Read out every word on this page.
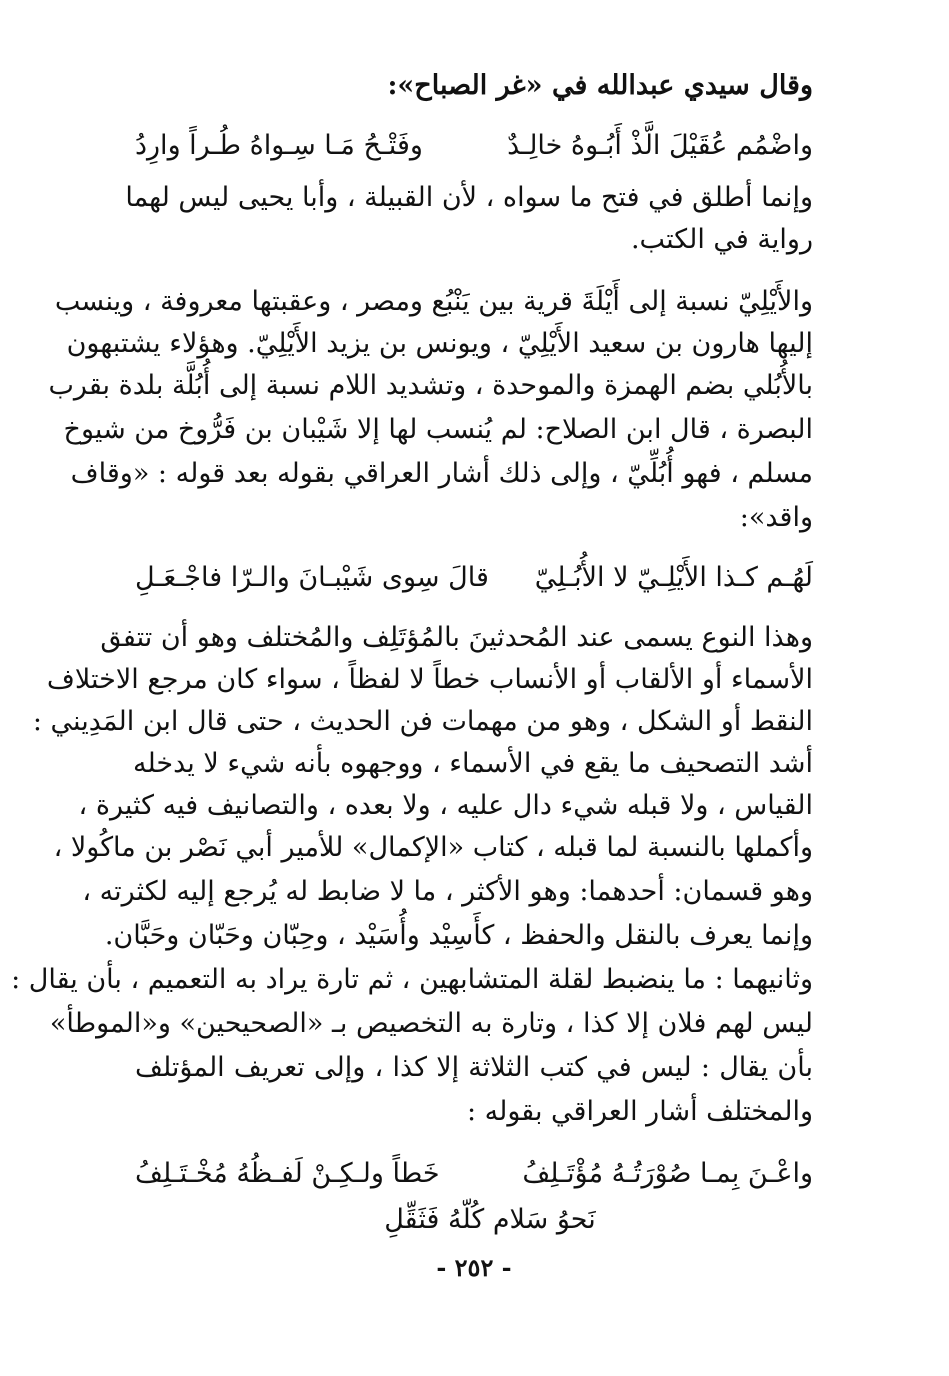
وقال سيدي عبدالله في «غر الصباح»:
واضْمُم عُقَيْلَ الَّذْ أَبُـوهُ خالِـدٌ
وفَتْـحُ مَـا سِـواهُ طُـراً وارِدُ
وإنما أطلق في فتح ما سواه ، لأن القبيلة ، وأبا يحيى ليس لهما
رواية في الكتب.
والأَيْلِيّ نسبة إلى أَيْلَةَ قرية بين يَنْبُع ومصر ، وعقبتها معروفة ، وينسب
إليها هارون بن سعيد الأَيْلِيّ ، ويونس بن يزيد الأَيْلِيّ. وهؤلاء يشتبهون
بالأُبُلي بضم الهمزة والموحدة ، وتشديد اللام نسبة إلى أُبُلَّة بلدة بقرب
البصرة ، قال ابن الصلاح: لم يُنسب لها إلا شَيْبان بن فَرُّوخ من شيوخ
مسلم ، فهو أُبُلِّيّ ، وإلى ذلك أشار العراقي بقوله بعد قوله : «وقاف
واقد»:
لَهُـم كـذا الأَيْلِـيّ لا الأُبُـلِيّ
قالَ سِوى شَيْبـانَ والـرّا فاجْـعَـلِ
وهذا النوع يسمى عند المُحدثينَ بالمُؤتَلِف والمُختلف وهو أن تتفق
الأسماء أو الألقاب أو الأنساب خطاً لا لفظاً ، سواء كان مرجع الاختلاف
النقط أو الشكل ، وهو من مهمات فن الحديث ، حتى قال ابن المَدِيني :
أشد التصحيف ما يقع في الأسماء ، ووجهوه بأنه شيء لا يدخله
القياس ، ولا قبله شيء دال عليه ، ولا بعده ، والتصانيف فيه كثيرة ،
وأكملها بالنسبة لما قبله ، كتاب «الإكمال» للأمير أبي نَصْر بن ماكُولا ،
وهو قسمان: أحدهما: وهو الأكثر ، ما لا ضابط له يُرجع إليه لكثرته ،
وإنما يعرف بالنقل والحفظ ، كأَسِيْد وأُسَيْد ، وحِبّان وحَبّان وحَبَّان.
وثانيهما : ما ينضبط لقلة المتشابهين ، ثم تارة يراد به التعميم ، بأن يقال :
ليس لهم فلان إلا كذا ، وتارة به التخصيص بـ «الصحيحين» و«الموطأ»
بأن يقال : ليس في كتب الثلاثة إلا كذا ، وإلى تعريف المؤتلف
والمختلف أشار العراقي بقوله :
واعْـنَ بِمـا صُوْرَتُـهُ مُؤْتَـلِفُ
خَطاً ولـكِـنْ لَفـظُهُ مُخْـتَـلِفُ
نَحوُ سَلام كُلّهُ فَثَقِّلِ
- ٢٥٢ -
